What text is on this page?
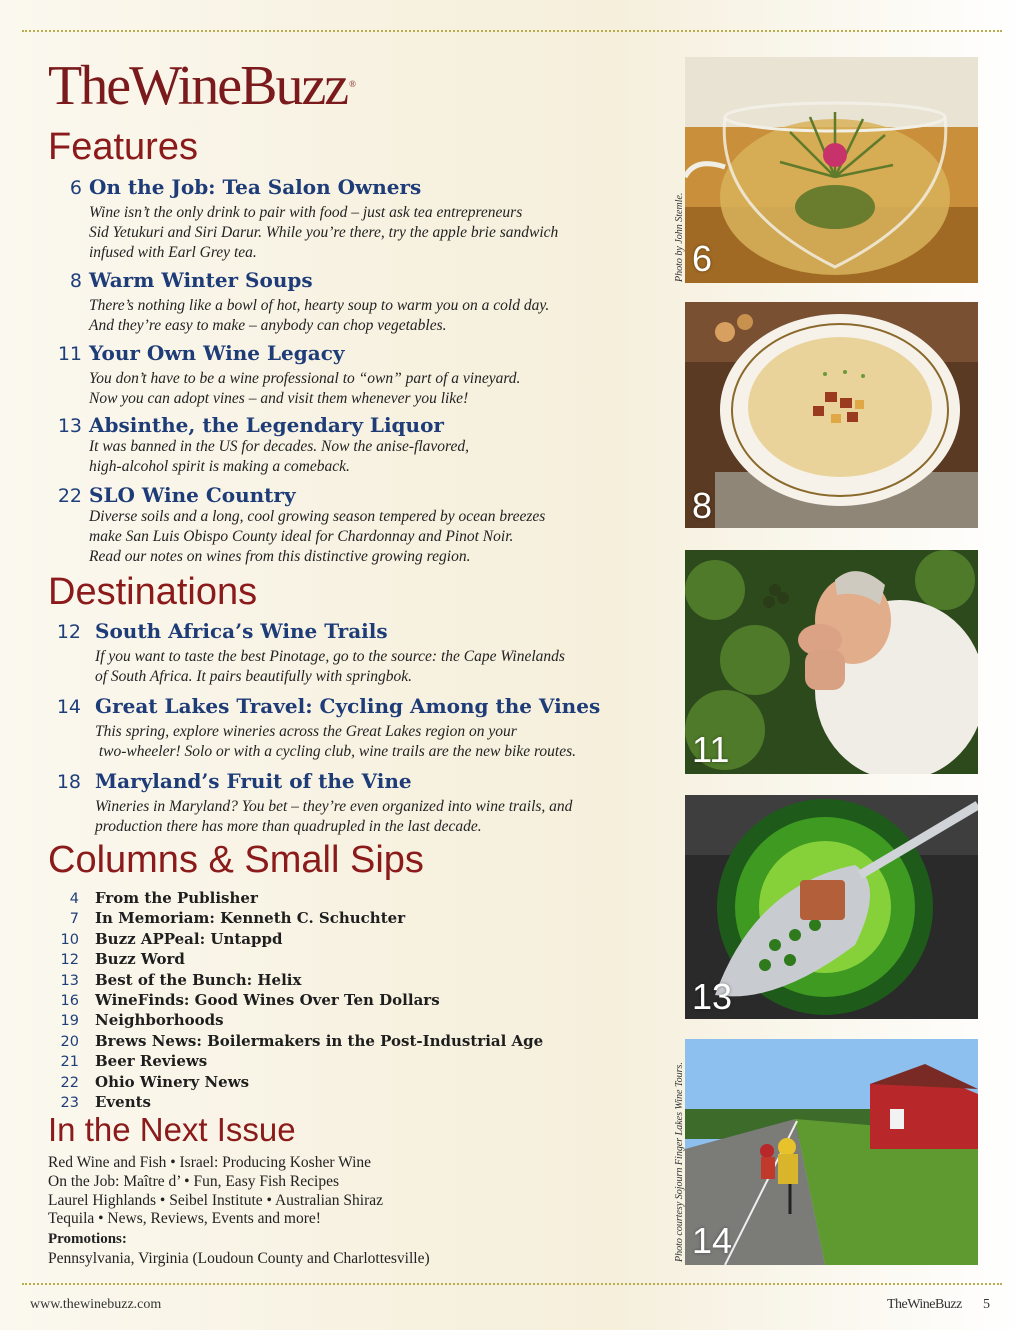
TheWineBuzz ®
Features
6 On the Job: Tea Salon Owners
Wine isn’t the only drink to pair with food – just ask tea entrepreneurs
Sid Yetukuri and Siri Darur. While you’re there, try the apple brie sandwich
infused with Earl Grey tea.
8 Warm Winter Soups
There’s nothing like a bowl of hot, hearty soup to warm you on a cold day.
And they’re easy to make – anybody can chop vegetables.
11 Your Own Wine Legacy
You don’t have to be a wine professional to “own” part of a vineyard.
Now you can adopt vines – and visit them whenever you like!
13 Absinthe, the Legendary Liquor
It was banned in the US for decades. Now the anise-flavored,
high-alcohol spirit is making a comeback.
22 SLO Wine Country
Diverse soils and a long, cool growing season tempered by ocean breezes
make San Luis Obispo County ideal for Chardonnay and Pinot Noir.
Read our notes on wines from this distinctive growing region.
Destinations
12 South Africa’s Wine Trails
If you want to taste the best Pinotage, go to the source: the Cape Winelands
of South Africa. It pairs beautifully with springbok.
14 Great Lakes Travel: Cycling Among the Vines
This spring, explore wineries across the Great Lakes region on your
two-wheeler! Solo or with a cycling club, wine trails are the new bike routes.
18 Maryland’s Fruit of the Vine
Wineries in Maryland? You bet – they’re even organized into wine trails, and
production there has more than quadrupled in the last decade.
Columns & Small Sips
4 From the Publisher
7 In Memoriam: Kenneth C. Schuchter
10 Buzz APPeal: Untappd
12 Buzz Word
13 Best of the Bunch: Helix
16 WineFinds: Good Wines Over Ten Dollars
19 Neighborhoods
20 Brews News: Boilermakers in the Post-Industrial Age
21 Beer Reviews
22 Ohio Winery News
23 Events
In the Next Issue
Red Wine and Fish • Israel: Producing Kosher Wine
On the Job: Maître d’ • Fun, Easy Fish Recipes
Laurel Highlands • Seibel Institute • Australian Shiraz
Tequila • News, Reviews, Events and more!
Promotions:
Pennsylvania, Virginia (Loudoun County and Charlottesville)
Photo by John Stemle. 6
8
11
13
Photo courtesy Sojourn Finger Lakes Wine Tours. 14
www.thewinebuzz.com	TheWineBuzz 5
